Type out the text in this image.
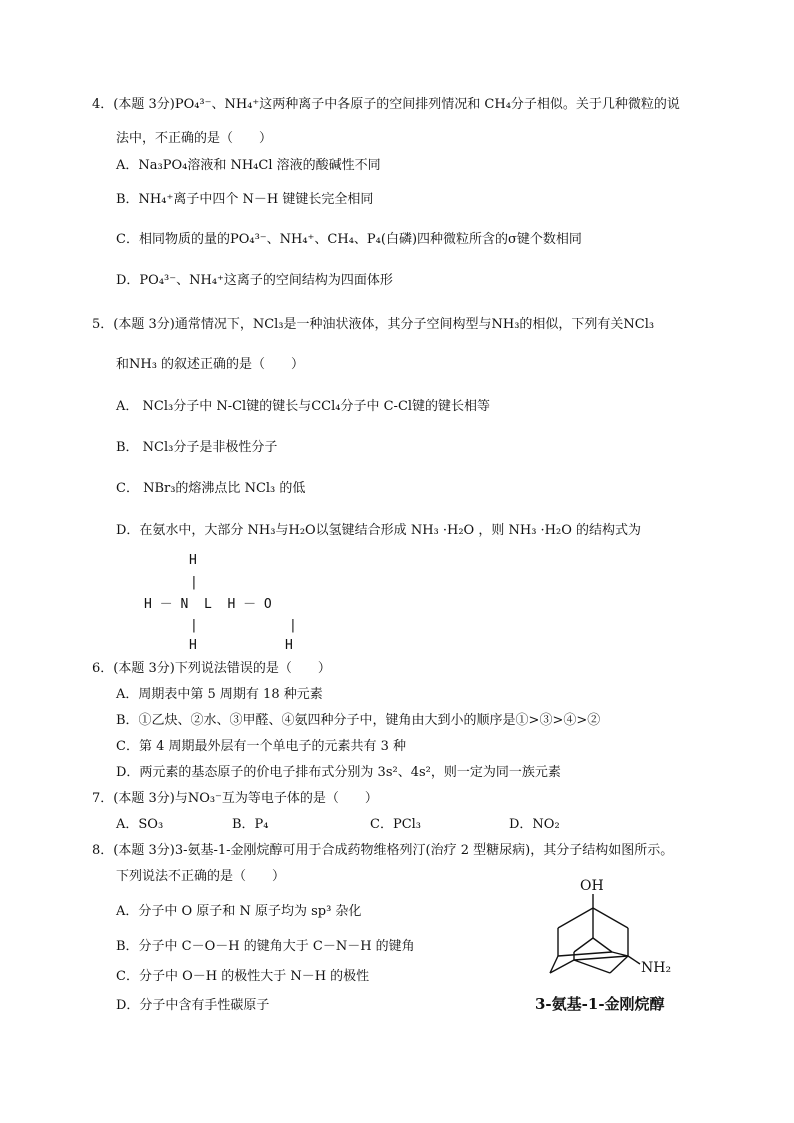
4．(本题 3分)PO₄³⁻、NH₄⁺这两种离子中各原子的空间排列情况和 CH₄分子相似。关于几种微粒的说
法中，不正确的是（　　）
A．Na₃PO₄溶液和 NH₄Cl 溶液的酸碱性不同
B．NH₄⁺离子中四个 N－H 键键长完全相同
C．相同物质的量的PO₄³⁻、NH₄⁺、CH₄、P₄(白磷)四种微粒所含的σ键个数相同
D．PO₄³⁻、NH₄⁺这离子的空间结构为四面体形
5．(本题 3分)通常情况下，NCl₃是一种油状液体，其分子空间构型与NH₃的相似，下列有关NCl₃
和NH₃ 的叙述正确的是（　　）
A． NCl₃分子中 N-Cl键的键长与CCl₄分子中 C-Cl键的键长相等
B． NCl₃分子是非极性分子
C． NBr₃的熔沸点比 NCl₃ 的低
D．在氨水中，大部分 NH₃与H₂O以氢键结合形成 NH₃ ·H₂O ，则 NH₃ ·H₂O 的结构式为
H
|
H － N  L  H － O
|	|
H	H
6．(本题 3分)下列说法错误的是（　　）
A．周期表中第 5 周期有 18 种元素
B．①乙炔、②水、③甲醛、④氨四种分子中，键角由大到小的顺序是①>③>④>②
C．第 4 周期最外层有一个单电子的元素共有 3 种
D．两元素的基态原子的价电子排布式分别为 3s²、4s²，则一定为同一族元素
7．(本题 3分)与NO₃⁻互为等电子体的是（　　）
A．SO₃	B．P₄	C．PCl₃	D．NO₂
8．(本题 3分)3-氨基-1-金刚烷醇可用于合成药物维格列汀(治疗 2 型糖尿病)，其分子结构如图所示。
下列说法不正确的是（　　）
A．分子中 O 原子和 N 原子均为 sp³ 杂化
B．分子中 C－O－H 的键角大于 C－N－H 的键角
C．分子中 O－H 的极性大于 N－H 的极性
D．分子中含有手性碳原子
OH
NH₂
3-氨基-1-金刚烷醇
